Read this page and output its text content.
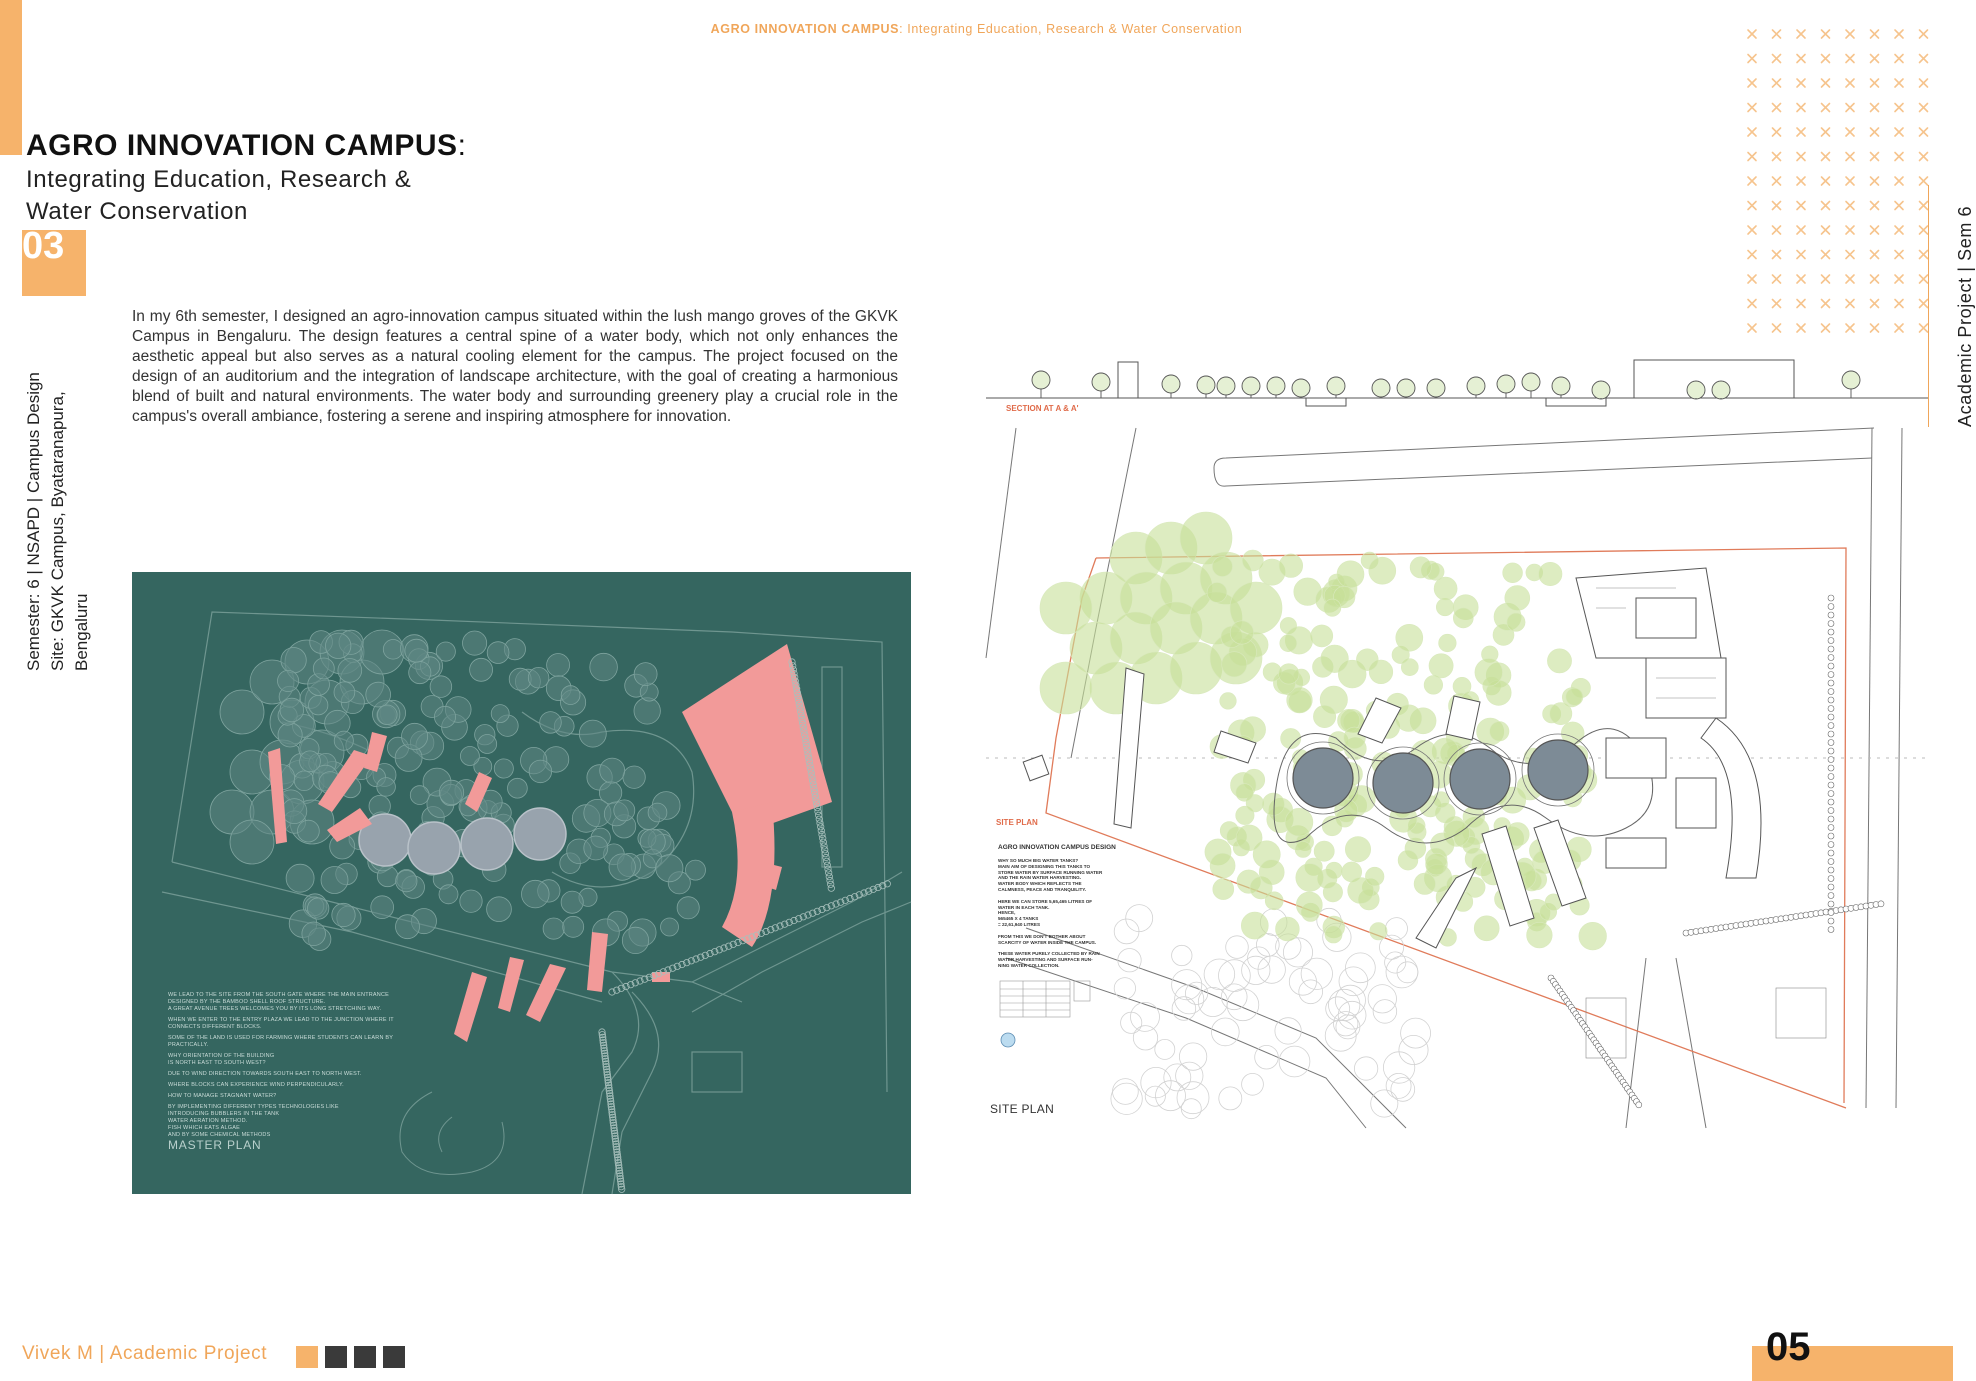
AGRO INNOVATION CAMPUS: Integrating Education, Research & Water Conservation
AGRO INNOVATION CAMPUS:
Integrating Education, Research &
Water Conservation
03
Semester: 6 | NSAPD | Campus Design Site: GKVK Campus, Byataranapura, Bengaluru
In my 6th semester, I designed an agro-innovation campus situated within the lush mango groves of the GKVK Campus in Bengaluru. The design features a central spine of a water body, which not only enhances the aesthetic appeal but also serves as a natural cooling element for the campus. The project focused on the design of an auditorium and the integration of landscape architecture, with the goal of creating a harmonious blend of built and natural environments. The water body and surrounding greenery play a crucial role in the campus's overall ambiance, fostering a serene and inspiring atmosphere for innovation.
WE LEAD TO THE SITE FROM THE SOUTH GATE WHERE THE MAIN ENTRANCE
DESIGNED BY THE BAMBOO SHELL ROOF STRUCTURE.
A GREAT AVENUE TREES WELCOMES YOU BY ITS LONG STRETCHING WAY.
WHEN WE ENTER TO THE ENTRY PLAZA WE LEAD TO THE JUNCTION WHERE IT
CONNECTS DIFFERENT BLOCKS.
SOME OF THE LAND IS USED FOR FARMING WHERE STUDENTS CAN LEARN BY
PRACTICALLY.
WHY ORIENTATION OF THE BUILDING
IS NORTH EAST TO SOUTH WEST?
DUE TO WIND DIRECTION TOWARDS SOUTH EAST TO NORTH WEST.
WHERE BLOCKS CAN EXPERIENCE WIND PERPENDICULARLY.
HOW TO MANAGE STAGNANT WATER?
BY IMPLEMENTING DIFFERENT TYPES TECHNOLOGIES LIKE
INTRODUCING BUBBLERS IN THE TANK
WATER AERATION METHOD.
FISH WHICH EATS ALGAE
AND BY SOME CHEMICAL METHODS
MASTER PLAN
SECTION AT A & A'
SITE PLAN
AGRO INNOVATION CAMPUS DESIGN
WHY SO MUCH BIG WATER TANKS?
MAIN AIM OF DESIGNING THIS TANKS TO
STORE WATER BY SURFACE RUNNING WATER
AND THE RAIN WATER HARVESTING.
WATER BODY WHICH REFLECTS THE
CALMNESS, PEACE AND TRANQUILITY.
HERE WE CAN STORE 5,65,465 LITRES OF
WATER IN EACH TANK.
HENCE,
565465 X 4 TANKS
= 22,61,940 LITRES
FROM THIS WE DON'T BOTHER ABOUT
SCARCITY OF WATER INSIDE THE CAMPUS.
THESE WATER PURELY COLLECTED BY RAIN
WATER HARVESTING AND SURFACE RUN-
NING WATER COLLECTION.

SITE PLAN
Academic Project | Sem 6
Vivek M | Academic Project	05
